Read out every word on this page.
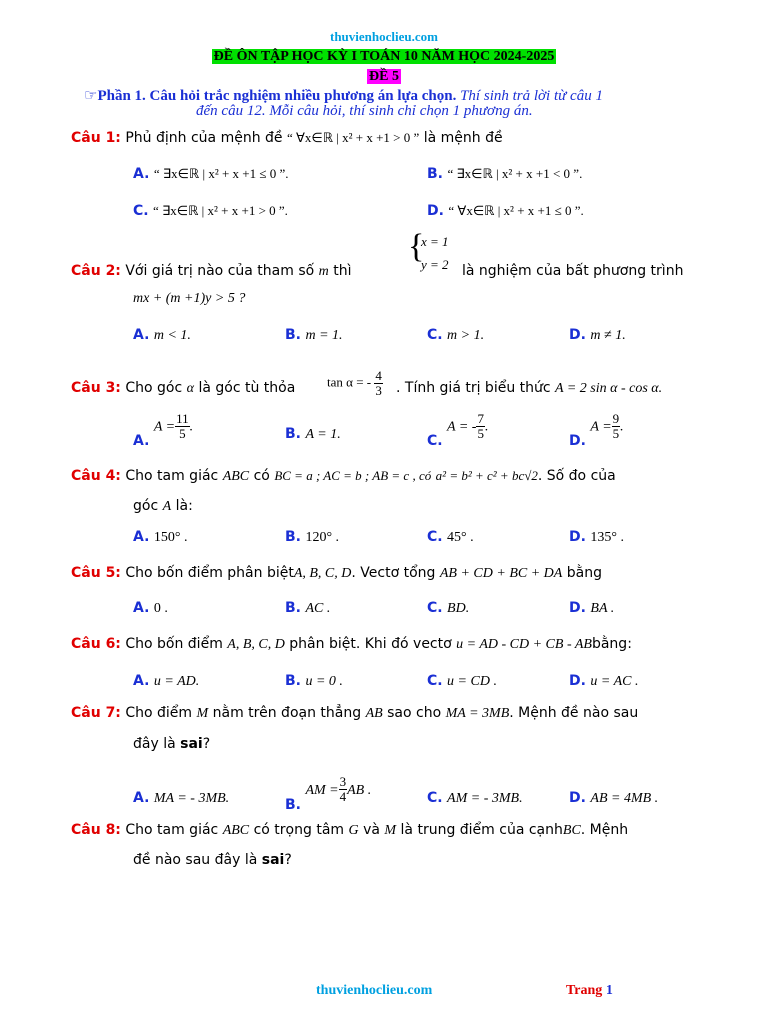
thuvienhoclieu.com
ĐỀ ÔN TẬP HỌC KỲ I TOÁN 10 NĂM HỌC 2024-2025
ĐỀ 5
☞Phần 1. Câu hỏi trắc nghiệm nhiều phương án lựa chọn. Thí sinh trả lời từ câu 1
đến câu 12. Mỗi câu hỏi, thí sinh chỉ chọn 1 phương án.
Câu 1: Phủ định của mệnh đề “ ∀x∈ℝ | x² + x +1 > 0 ” là mệnh đề
A. “ ∃x∈ℝ | x² + x +1 ≤ 0 ”.	B. “ ∃x∈ℝ | x² + x +1 < 0 ”.
C. “ ∃x∈ℝ | x² + x +1 > 0 ”.	D. “ ∀x∈ℝ | x² + x +1 ≤ 0 ”.
Câu 2: Với giá trị nào của tham số m thì
{
x = 1
y = 2 là nghiệm của bất phương trình
mx + (m +1)y > 5 ?
A. m < 1.	B. m = 1.	C. m > 1.	D. m ≠ 1.
Câu 3: Cho góc α là góc tù thỏa tan α = - $\frac{4}{3}$ . Tính giá trị biểu thức A = 2 sin α - cos α.
A. $A = \frac{11}{5}$ .	B. A = 1.	C. A = - $\frac{7}{5}$ .
D. $A = \frac{9}{5}$ .
Câu 4: Cho tam giác ABC có BC = a ; AC = b ; AB = c , có a² = b² + c² + bc√2. Số đo của
góc A là:
A. 150° .	B. 120° .	C. 45° .	D. 135° .
Câu 5: Cho bốn điểm phân biệtA, B, C, D. Vectơ tổng AB + CD + BC + DA bằng
A. 0 .	B. AC .	C. BD.	D. BA .
Câu 6: Cho bốn điểm A, B, C, D phân biệt. Khi đó vectơ u = AD - CD + CB - ABbằng:
A. u = AD.	B. u = 0 .	C. u = CD .	D. u = AC .
Câu 7: Cho điểm M nằm trên đoạn thẳng AB sao cho MA = 3MB. Mệnh đề nào sau
đây là sai?
A. MA = - 3MB.	B. AM = $\frac{3}{4}$ AB .	C. AM = - 3MB.	D. AB = 4MB .
Câu 8: Cho tam giác ABC có trọng tâm G và M là trung điểm của cạnhBC. Mệnh
đề nào sau đây là sai?
thuvienhoclieu.com	Trang 1
